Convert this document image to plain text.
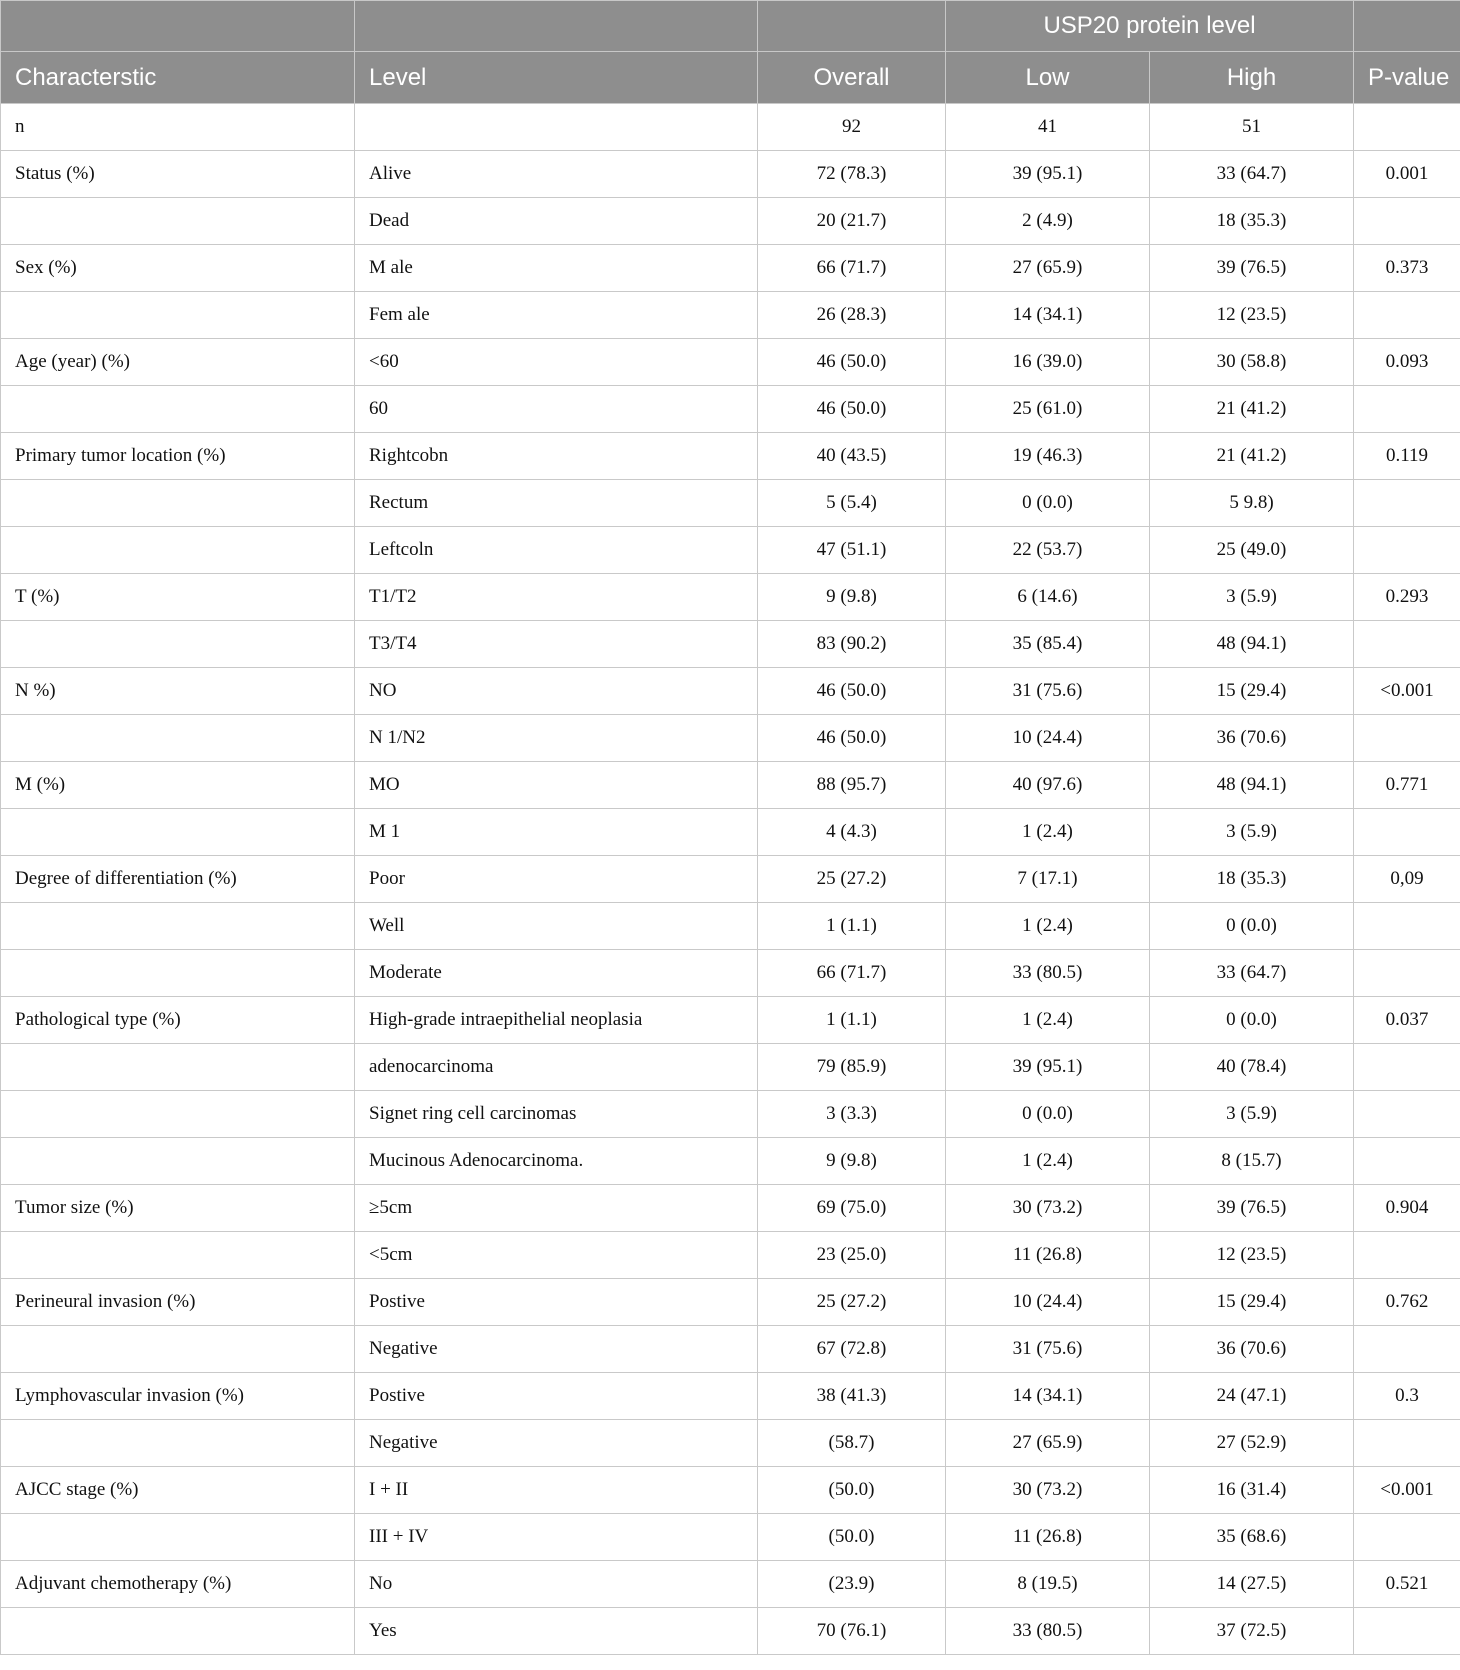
			USP20 protein level		
Characterstic	Level	Overall	Low	High	P-value
n		92	41	51	
Status (%)	Alive	72 (78.3)	39 (95.1)	33 (64.7)	0.001
	Dead	20 (21.7)	2 (4.9)	18 (35.3)	
Sex (%)	M ale	66 (71.7)	27 (65.9)	39 (76.5)	0.373
	Fem ale	26 (28.3)	14 (34.1)	12 (23.5)	
Age (year) (%)	<60	46 (50.0)	16 (39.0)	30 (58.8)	0.093
	60	46 (50.0)	25 (61.0)	21 (41.2)	
Primary tumor location (%)	Rightcobn	40 (43.5)	19 (46.3)	21 (41.2)	0.119
	Rectum	5 (5.4)	0 (0.0)	5 9.8)	
	Leftcoln	47 (51.1)	22 (53.7)	25 (49.0)	
T (%)	T1/T2	9 (9.8)	6 (14.6)	3 (5.9)	0.293
	T3/T4	83 (90.2)	35 (85.4)	48 (94.1)	
N %)	NO	46 (50.0)	31 (75.6)	15 (29.4)	<0.001
	N 1/N2	46 (50.0)	10 (24.4)	36 (70.6)	
M (%)	MO	88 (95.7)	40 (97.6)	48 (94.1)	0.771
	M 1	4 (4.3)	1 (2.4)	3 (5.9)	
Degree of differentiation (%)	Poor	25 (27.2)	7 (17.1)	18 (35.3)	0,09
	Well	1 (1.1)	1 (2.4)	0 (0.0)	
	Moderate	66 (71.7)	33 (80.5)	33 (64.7)	
Pathological type (%)	High-grade intraepithelial neoplasia	1 (1.1)	1 (2.4)	0 (0.0)	0.037
	adenocarcinoma	79 (85.9)	39 (95.1)	40 (78.4)	
	Signet ring cell carcinomas	3 (3.3)	0 (0.0)	3 (5.9)	
	Mucinous Adenocarcinoma.	9 (9.8)	1 (2.4)	8 (15.7)	
Tumor size (%)	≥5cm	69 (75.0)	30 (73.2)	39 (76.5)	0.904
	<5cm	23 (25.0)	11 (26.8)	12 (23.5)	
Perineural invasion (%)	Postive	25 (27.2)	10 (24.4)	15 (29.4)	0.762
	Negative	67 (72.8)	31 (75.6)	36 (70.6)	
Lymphovascular invasion (%)	Postive	38 (41.3)	14 (34.1)	24 (47.1)	0.3
	Negative	(58.7)	27 (65.9)	27 (52.9)	
AJCC stage (%)	I + II	(50.0)	30 (73.2)	16 (31.4)	<0.001
	III + IV	(50.0)	11 (26.8)	35 (68.6)	
Adjuvant chemotherapy (%)	No	(23.9)	8 (19.5)	14 (27.5)	0.521
	Yes	70 (76.1)	33 (80.5)	37 (72.5)	
